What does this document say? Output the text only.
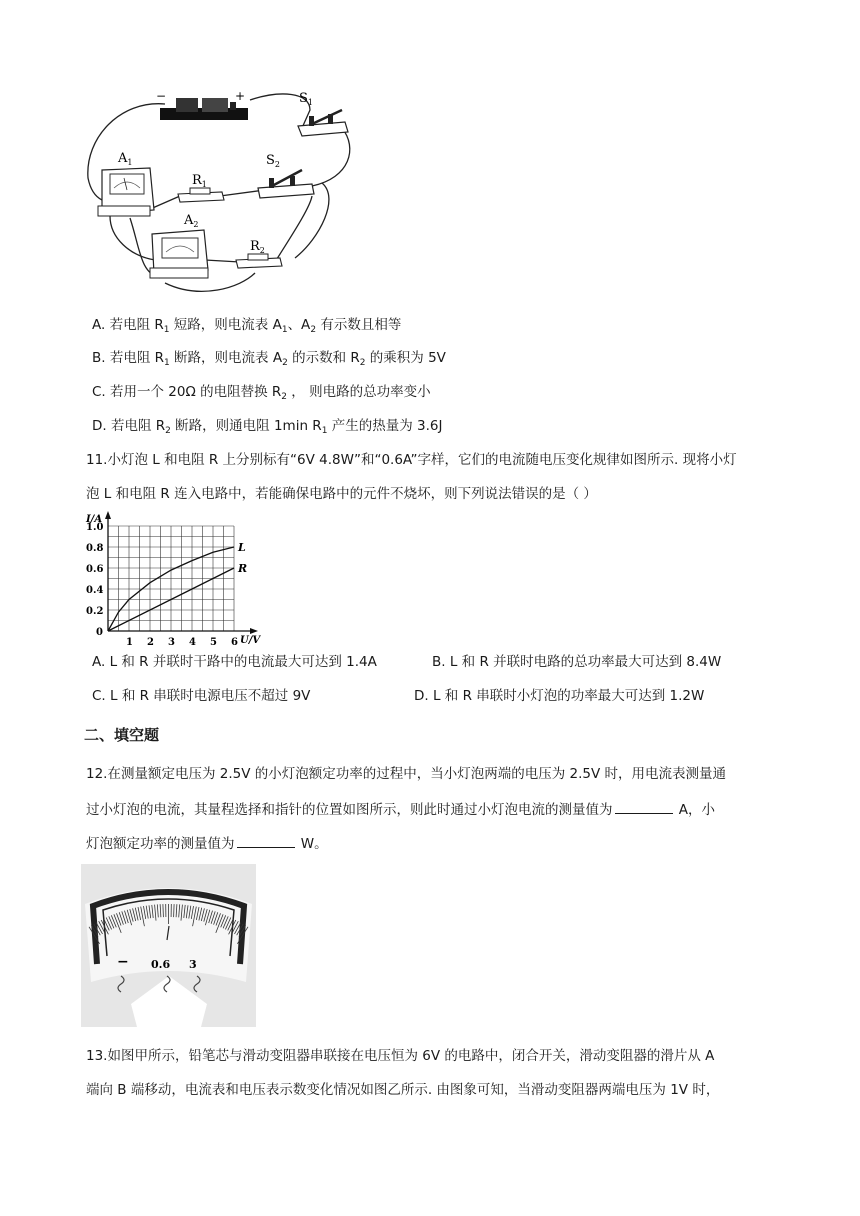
−	+	$S_1$
$S_2$
$A_1$
$R_1$
$A_2$
$R_2$
A. 若电阻 $R_1$ 短路，则电流表 $A_1$、$A_2$ 有示数且相等
B. 若电阻 $R_1$ 断路，则电流表 $A_2$ 的示数和 $R_2$ 的乘积为 5V
C. 若用一个 20Ω 的电阻替换 $R_2$ ， 则电路的总功率变小
D. 若电阻 $R_2$ 断路，则通电阻 1min $R_1$ 产生的热量为 3.6J
11.小灯泡 L 和电阻 R 上分别标有“6V 4.8W”和“0.6A”字样，它们的电流随电压变化规律如图所示. 现将小灯
泡 L 和电阻 R 连入电路中，若能确保电路中的元件不烧坏，则下列说法错误的是（ ）
I/A
U/V
0
1 2 3 4 5 6
0.2
0.4
0.6
0.8
1.0
L
R
A. L 和 R 并联时干路中的电流最大可达到 1.4A	B. L 和 R 并联时电路的总功率最大可达到 8.4W
C. L 和 R 串联时电源电压不超过 9V	D. L 和 R 串联时小灯泡的功率最大可达到 1.2W
二、填空题
12.在测量额定电压为 2.5V 的小灯泡额定功率的过程中，当小灯泡两端的电压为 2.5V 时，用电流表测量通
过小灯泡的电流，其量程选择和指针的位置如图所示，则此时通过小灯泡电流的测量值为	A，小
灯泡额定功率的测量值为	W。
− 0.6 3
13.如图甲所示，铅笔芯与滑动变阻器串联接在电压恒为 6V 的电路中，闭合开关，滑动变阻器的滑片从 A
端向 B 端移动，电流表和电压表示数变化情况如图乙所示. 由图象可知，当滑动变阻器两端电压为 1V 时，
